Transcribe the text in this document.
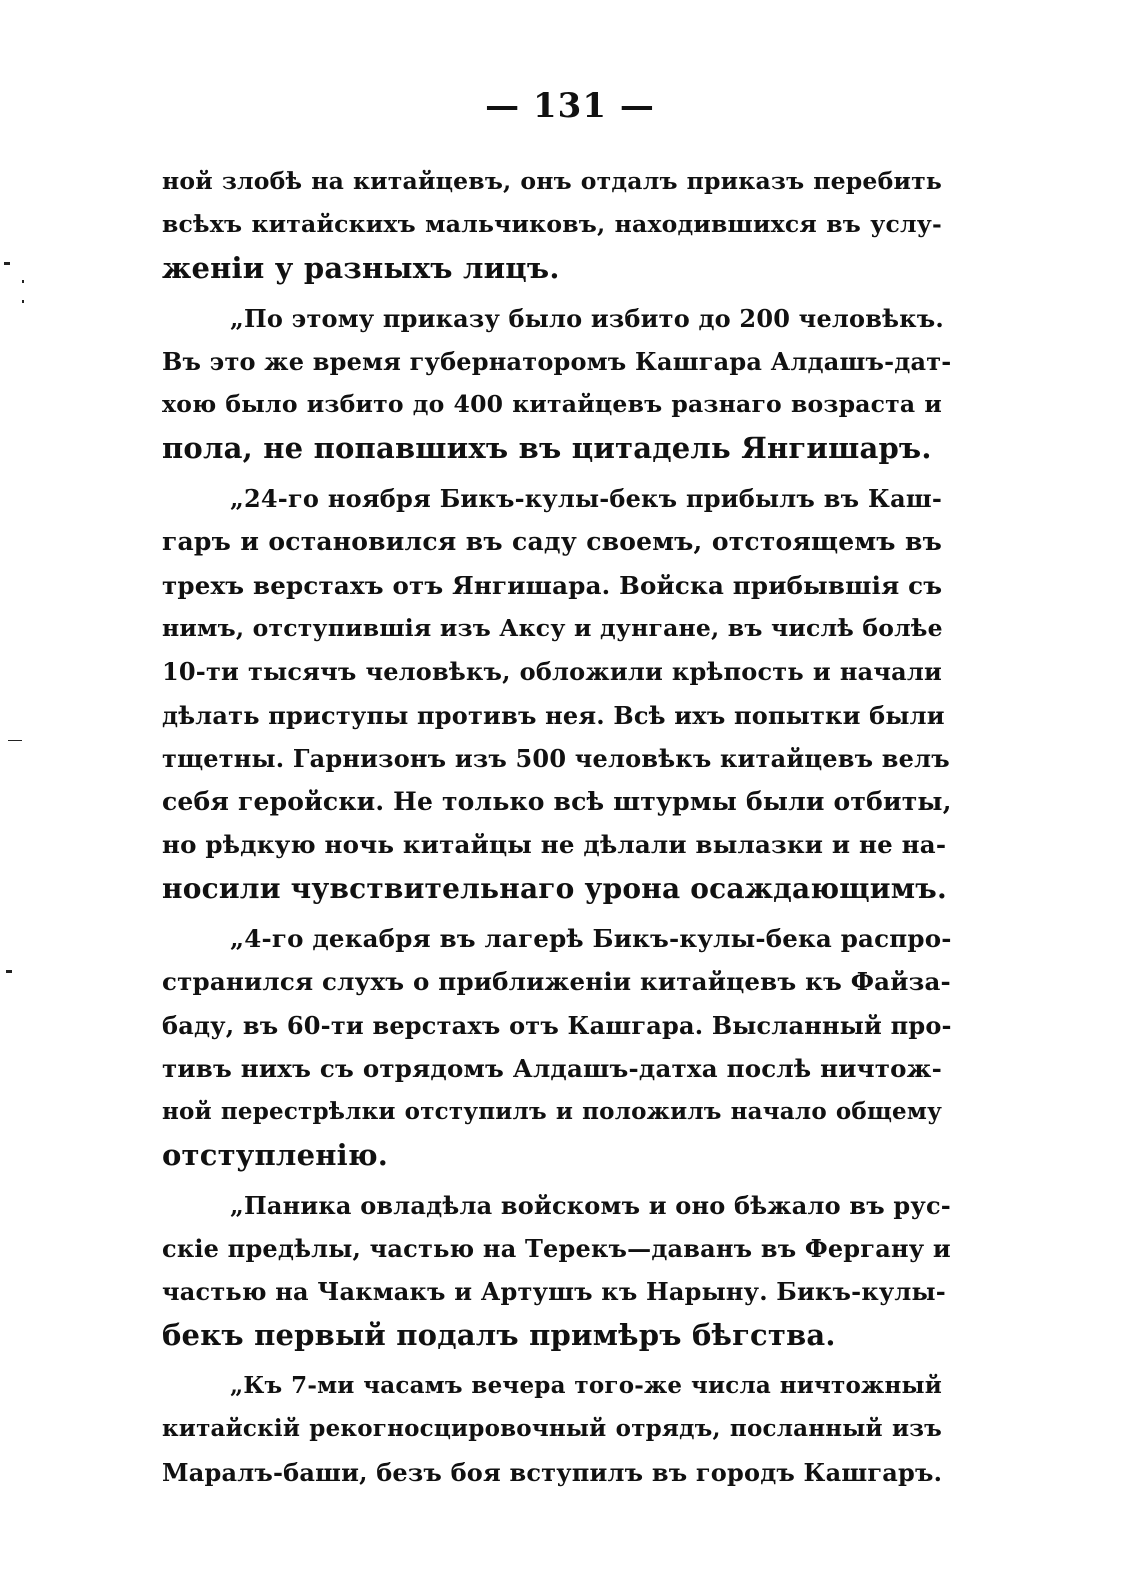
— 131 —
ной злобѣ на китайцевъ, онъ отдалъ приказъ перебить
всѣхъ китайскихъ мальчиковъ, находившихся въ услу-
женіи у разныхъ лицъ.
„По этому приказу было избито до 200 человѣкъ.
Въ это же время губернаторомъ Кашгара Алдашъ-дат-
хою было избито до 400 китайцевъ разнаго возраста и
пола, не попавшихъ въ цитадель Янгишаръ.
„24-го ноября Бикъ-кулы-бекъ прибылъ въ Каш-
гаръ и остановился въ саду своемъ, отстоящемъ въ
трехъ верстахъ отъ Янгишара. Войска прибывшія съ
нимъ, отступившія изъ Аксу и дунгане, въ числѣ болѣе
10-ти тысячъ человѣкъ, обложили крѣпость и начали
дѣлать приступы противъ нея. Всѣ ихъ попытки были
тщетны. Гарнизонъ изъ 500 человѣкъ китайцевъ велъ
себя геройски. Не только всѣ штурмы были отбиты,
но рѣдкую ночь китайцы не дѣлали вылазки и не на-
носили чувствительнаго урона осаждающимъ.
„4-го декабря въ лагерѣ Бикъ-кулы-бека распро-
странился слухъ о приближеніи китайцевъ къ Файза-
баду, въ 60-ти верстахъ отъ Кашгара. Высланный про-
тивъ нихъ съ отрядомъ Алдашъ-датха послѣ ничтож-
ной перестрѣлки отступилъ и положилъ начало общему
отступленію.
„Паника овладѣла войскомъ и оно бѣжало въ рус-
скіе предѣлы, частью на Терекъ—даванъ въ Фергану и
частью на Чакмакъ и Артушъ къ Нарыну. Бикъ-кулы-
бекъ первый подалъ примѣръ бѣгства.
„Къ 7-ми часамъ вечера того-же числа ничтожный
китайскій рекогносцировочный отрядъ, посланный изъ
Маралъ-баши, безъ боя вступилъ въ городъ Кашгаръ.
